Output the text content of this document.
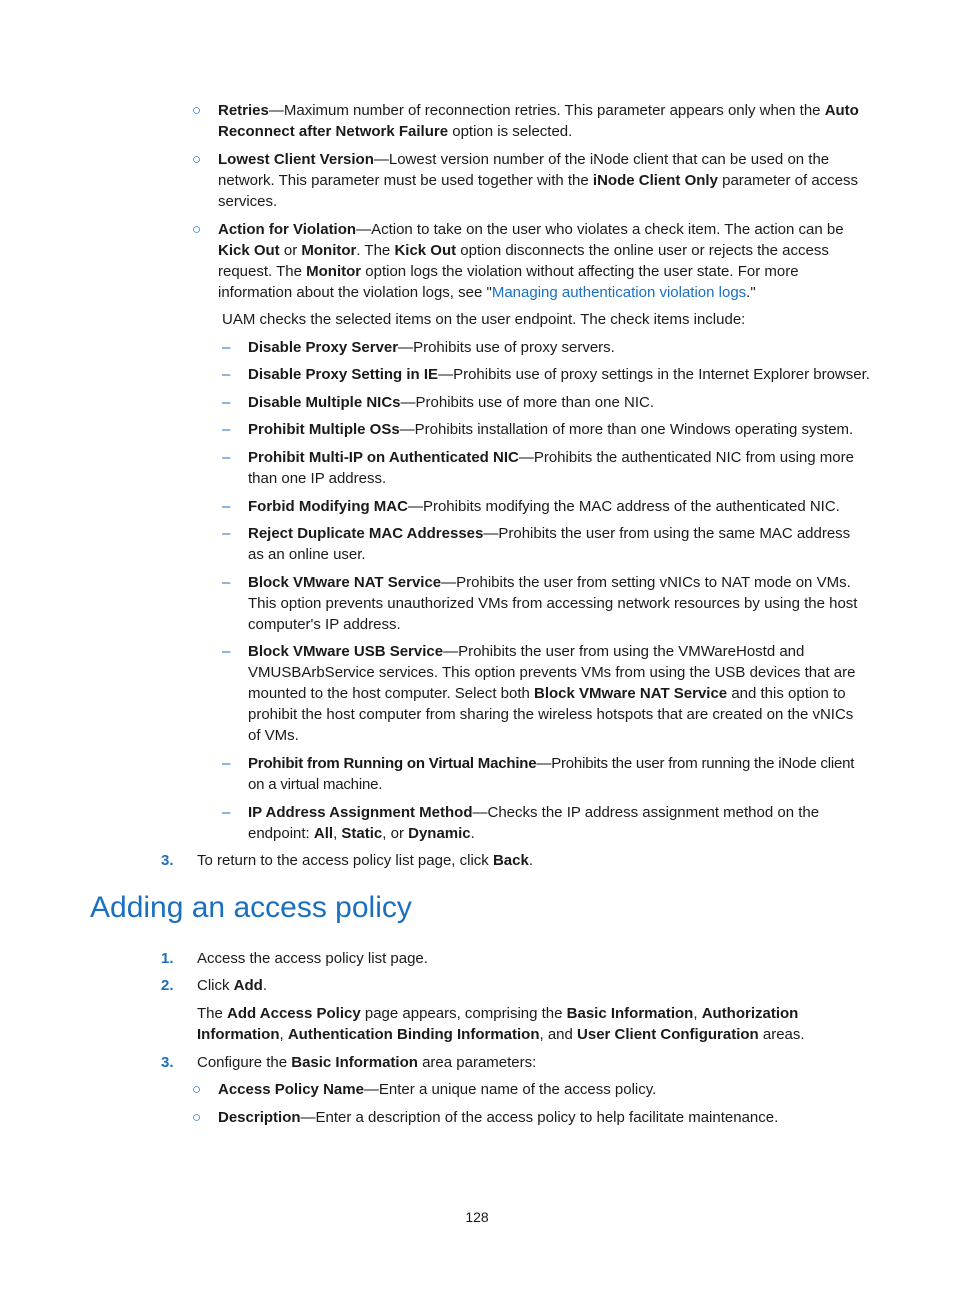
○ Retries—Maximum number of reconnection retries. This parameter appears only when the Auto Reconnect after Network Failure option is selected.
○ Lowest Client Version—Lowest version number of the iNode client that can be used on the network. This parameter must be used together with the iNode Client Only parameter of access services.
○ Action for Violation—Action to take on the user who violates a check item. The action can be Kick Out or Monitor. The Kick Out option disconnects the online user or rejects the access request. The Monitor option logs the violation without affecting the user state. For more information about the violation logs, see "Managing authentication violation logs."
UAM checks the selected items on the user endpoint. The check items include:
– Disable Proxy Server—Prohibits use of proxy servers.
– Disable Proxy Setting in IE—Prohibits use of proxy settings in the Internet Explorer browser.
– Disable Multiple NICs—Prohibits use of more than one NIC.
– Prohibit Multiple OSs—Prohibits installation of more than one Windows operating system.
– Prohibit Multi-IP on Authenticated NIC—Prohibits the authenticated NIC from using more than one IP address.
– Forbid Modifying MAC—Prohibits modifying the MAC address of the authenticated NIC.
– Reject Duplicate MAC Addresses—Prohibits the user from using the same MAC address as an online user.
– Block VMware NAT Service—Prohibits the user from setting vNICs to NAT mode on VMs. This option prevents unauthorized VMs from accessing network resources by using the host computer's IP address.
– Block VMware USB Service—Prohibits the user from using the VMWareHostd and VMUSBArbService services. This option prevents VMs from using the USB devices that are mounted to the host computer. Select both Block VMware NAT Service and this option to prohibit the host computer from sharing the wireless hotspots that are created on the vNICs of VMs.
– Prohibit from Running on Virtual Machine—Prohibits the user from running the iNode client on a virtual machine.
– IP Address Assignment Method—Checks the IP address assignment method on the endpoint: All, Static, or Dynamic.
3. To return to the access policy list page, click Back.
Adding an access policy
1. Access the access policy list page.
2. Click Add.
The Add Access Policy page appears, comprising the Basic Information, Authorization Information, Authentication Binding Information, and User Client Configuration areas.
3. Configure the Basic Information area parameters:
○ Access Policy Name—Enter a unique name of the access policy.
○ Description—Enter a description of the access policy to help facilitate maintenance.
128
